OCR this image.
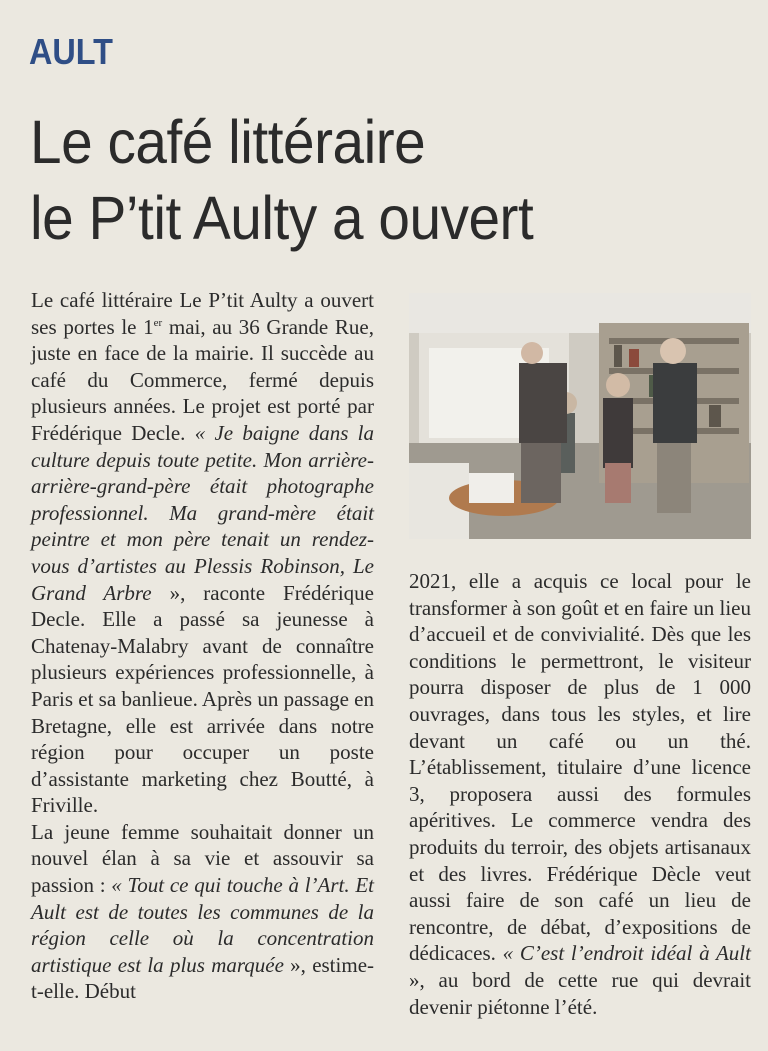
AULT
Le café littéraire
le P’tit Aulty a ouvert

Le café littéraire Le P’tit Aulty a ouvert ses portes le 1er mai, au 36 Grande Rue, juste en face de la mairie. Il succède au café du Commerce, fermé depuis plusieurs années. Le projet est porté par Frédérique Decle. « Je baigne dans la culture depuis toute petite. Mon arrière-arrière-grand-père était photographe professionnel. Ma grand-mère était peintre et mon père tenait un rendez-vous d’artistes au Plessis Robinson, Le Grand Arbre », raconte Frédérique Decle. Elle a passé sa jeunesse à Chatenay-Malabry avant de connaître plusieurs expériences professionnelle, à Paris et sa banlieue. Après un passage en Bretagne, elle est arrivée dans notre région pour occuper un poste d’assistante marketing chez Boutté, à Friville.

La jeune femme souhaitait donner un nouvel élan à sa vie et assouvir sa passion : « Tout ce qui touche à l’Art. Et Ault est de toutes les communes de la région celle où la concentration artistique est la plus marquée », estime-t-elle. Début

2021, elle a acquis ce local pour le transformer à son goût et en faire un lieu d’accueil et de convivialité. Dès que les conditions le permettront, le visiteur pourra disposer de plus de 1 000 ouvrages, dans tous les styles, et lire devant un café ou un thé. L’établissement, titulaire d’une licence 3, proposera aussi des formules apéritives. Le commerce vendra des produits du terroir, des objets artisanaux et des livres. Frédérique Dècle veut aussi faire de son café un lieu de rencontre, de débat, d’expositions de dédicaces. « C’est l’endroit idéal à Ault », au bord de cette rue qui devrait devenir piétonne l’été.
